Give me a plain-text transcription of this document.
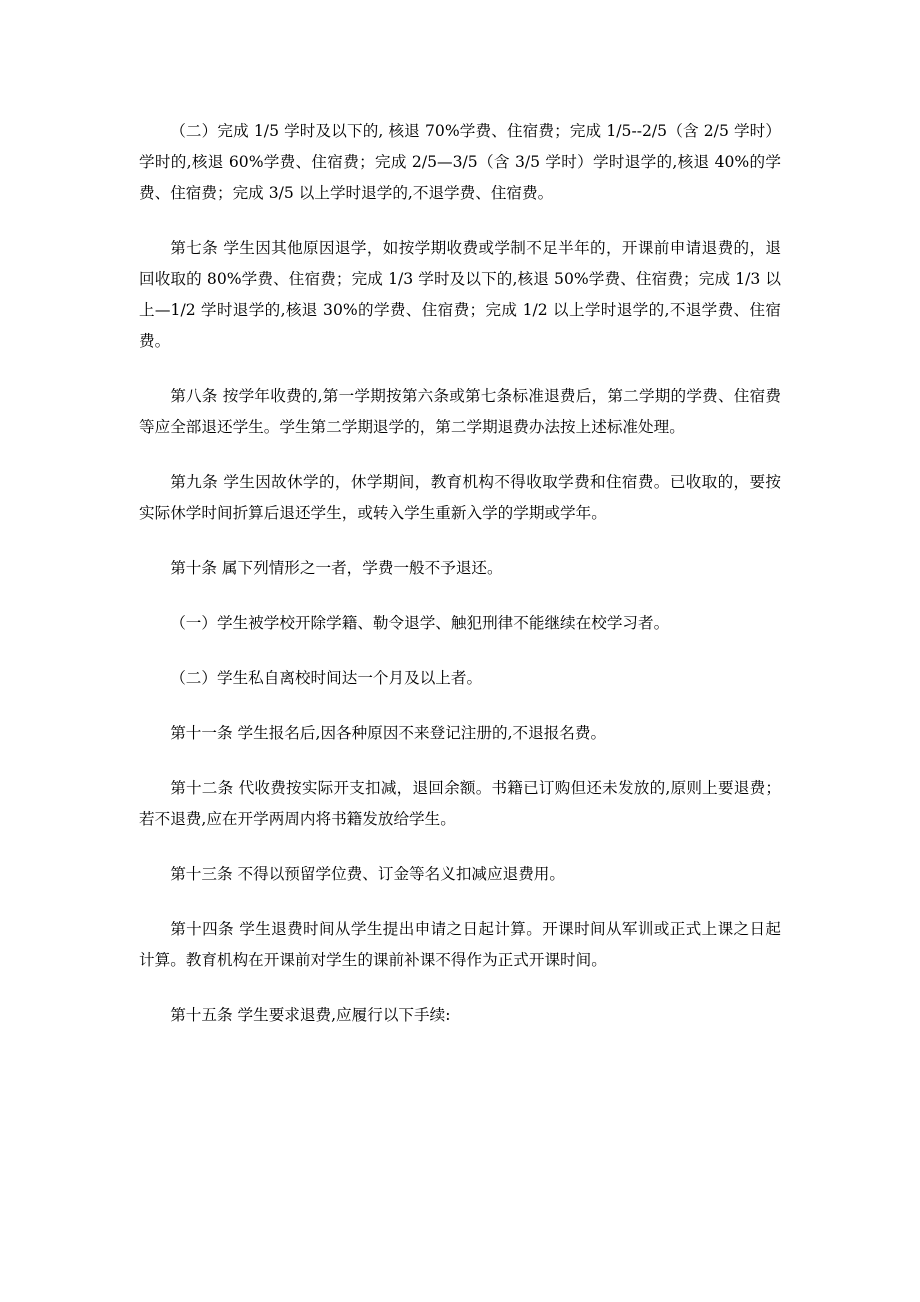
（二）完成 1/5 学时及以下的, 核退 70%学费、住宿费；完成 1/5--2/5（含 2/5 学时）学时的,核退 60%学费、住宿费；完成 2/5—3/5（含 3/5 学时）学时退学的,核退 40%的学费、住宿费；完成 3/5 以上学时退学的,不退学费、住宿费。

第七条 学生因其他原因退学，如按学期收费或学制不足半年的，开课前申请退费的，退回收取的 80%学费、住宿费；完成 1/3 学时及以下的,核退 50%学费、住宿费；完成 1/3 以上—1/2 学时退学的,核退 30%的学费、住宿费；完成 1/2 以上学时退学的,不退学费、住宿费。

第八条 按学年收费的,第一学期按第六条或第七条标准退费后，第二学期的学费、住宿费等应全部退还学生。学生第二学期退学的，第二学期退费办法按上述标准处理。

第九条 学生因故休学的，休学期间，教育机构不得收取学费和住宿费。已收取的，要按实际休学时间折算后退还学生，或转入学生重新入学的学期或学年。

第十条 属下列情形之一者，学费一般不予退还。

（一）学生被学校开除学籍、勒令退学、触犯刑律不能继续在校学习者。

（二）学生私自离校时间达一个月及以上者。

第十一条 学生报名后,因各种原因不来登记注册的,不退报名费。

第十二条 代收费按实际开支扣减，退回余额。书籍已订购但还未发放的,原则上要退费；若不退费,应在开学两周内将书籍发放给学生。

第十三条 不得以预留学位费、订金等名义扣减应退费用。

第十四条 学生退费时间从学生提出申请之日起计算。开课时间从军训或正式上课之日起计算。教育机构在开课前对学生的课前补课不得作为正式开课时间。

第十五条 学生要求退费,应履行以下手续:
